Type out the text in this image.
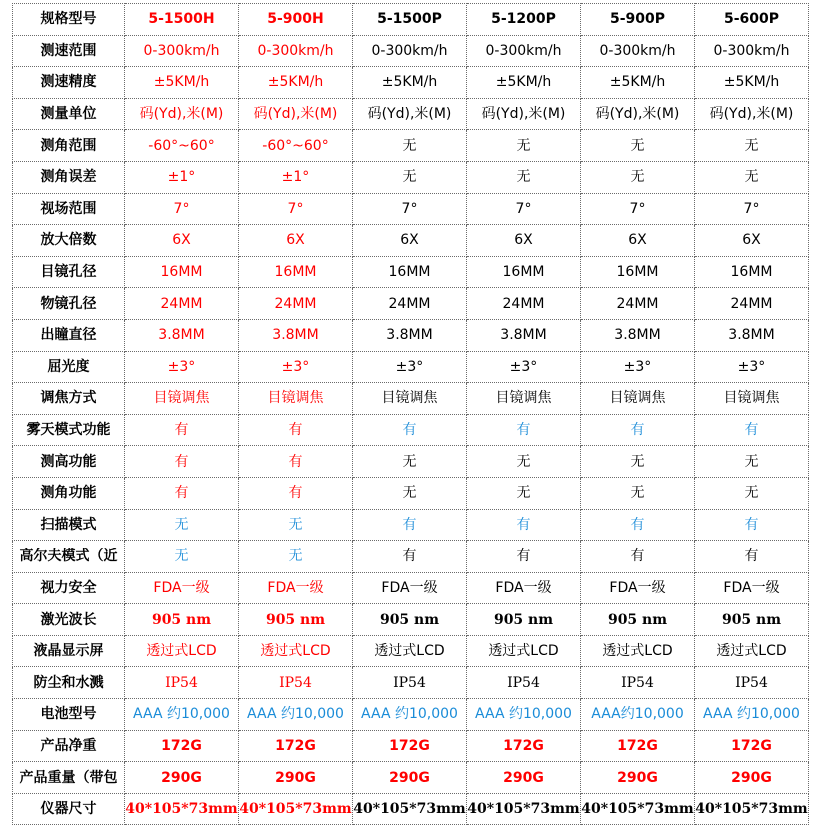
规格型号	5-1500H	5-900H	5-1500P	5-1200P	5-900P	5-600P
测速范围	0-300km/h	0-300km/h	0-300km/h	0-300km/h	0-300km/h	0-300km/h
测速精度	±5KM/h	±5KM/h	±5KM/h	±5KM/h	±5KM/h	±5KM/h
测量单位	码(Yd),米(M)	码(Yd),米(M)	码(Yd),米(M)	码(Yd),米(M)	码(Yd),米(M)	码(Yd),米(M)
测角范围	-60°~60°	-60°~60°	无	无	无	无
测角误差	±1°	±1°	无	无	无	无
视场范围	7°	7°	7°	7°	7°	7°
放大倍数	6X	6X	6X	6X	6X	6X
目镜孔径	16MM	16MM	16MM	16MM	16MM	16MM
物镜孔径	24MM	24MM	24MM	24MM	24MM	24MM
出瞳直径	3.8MM	3.8MM	3.8MM	3.8MM	3.8MM	3.8MM
屈光度	±3°	±3°	±3°	±3°	±3°	±3°
调焦方式	目镜调焦	目镜调焦	目镜调焦	目镜调焦	目镜调焦	目镜调焦
雾天模式功能	有	有	有	有	有	有
测高功能	有	有	无	无	无	无
测角功能	有	有	无	无	无	无
扫描模式	无	无	有	有	有	有

高尔夫模式（近	无	无	有	有	有	有
视力安全	FDA一级	FDA一级	FDA一级	FDA一级	FDA一级	FDA一级
激光波长	905 nm	905 nm	905 nm	905 nm	905 nm	905 nm
液晶显示屏	透过式LCD	透过式LCD	透过式LCD	透过式LCD	透过式LCD	透过式LCD
防尘和水溅	IP54	IP54	IP54	IP54	IP54	IP54
电池型号	AAA 约10,000	AAA 约10,000	AAA 约10,000	AAA 约10,000	AAA约10,000	AAA 约10,000
产品净重	172G	172G	172G	172G	172G	172G
产品重量（带包	290G	290G	290G	290G	290G	290G
仪器尺寸	40*105*73mm	40*105*73mm	40*105*73mm	40*105*73mm	40*105*73mm	40*105*73mm
